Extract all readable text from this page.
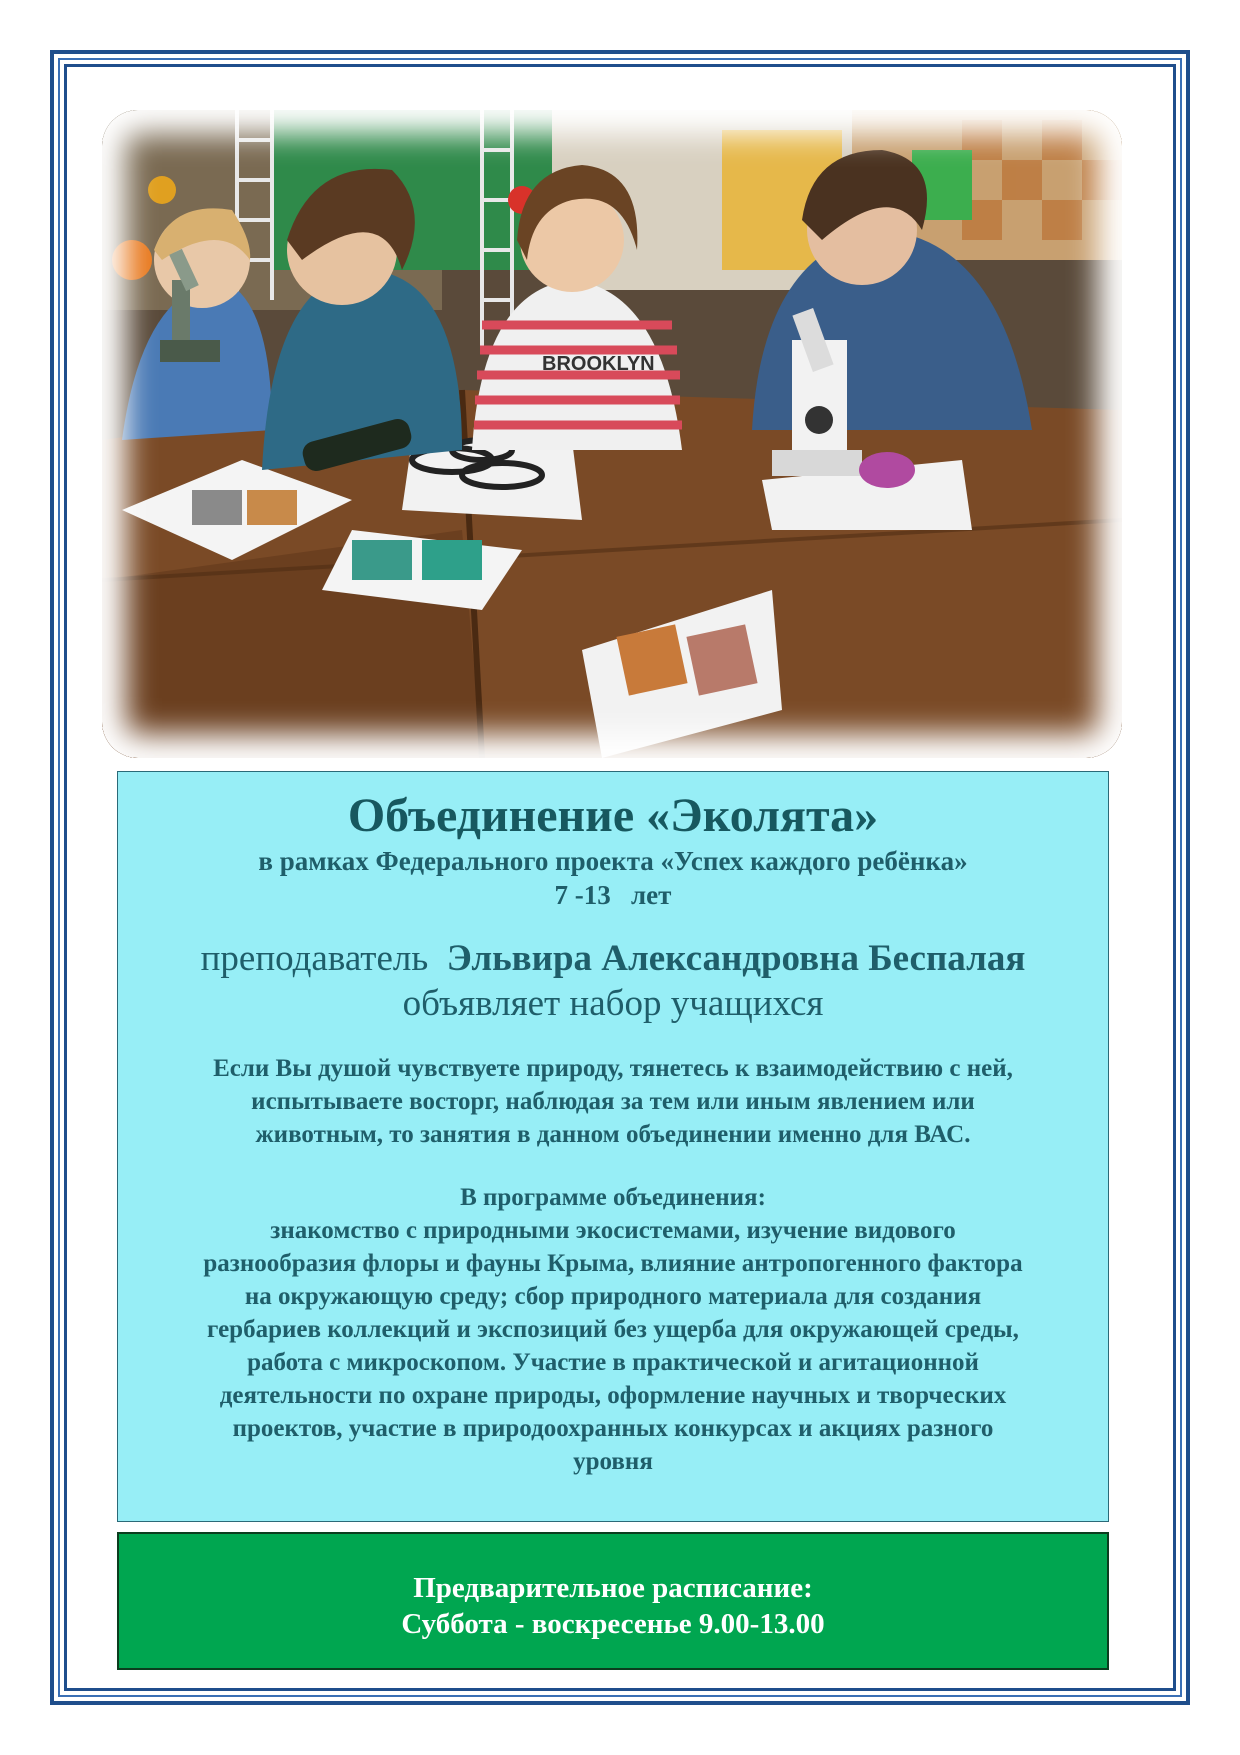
BROOKLYN
Объединение «Эколята»
в рамках Федерального проекта «Успех каждого ребёнка»
7 -13   лет
преподаватель Эльвира Александровна Беспалая
объявляет набор учащихся
Если Вы душой чувствуете природу, тянетесь к взаимодействию с ней,
испытываете восторг, наблюдая за тем или иным явлением или
животным, то занятия в данном объединении именно для ВАС.
В программе объединения:
знакомство с природными экосистемами, изучение видового
разнообразия флоры и фауны Крыма, влияние антропогенного фактора
на окружающую среду; сбор природного материала для создания
гербариев коллекций и экспозиций без ущерба для окружающей среды,
работа с микроскопом. Участие в практической и агитационной
деятельности по охране природы, оформление научных и творческих
проектов, участие в природоохранных конкурсах и акциях разного
уровня
Предварительное расписание:
Суббота - воскресенье 9.00-13.00
